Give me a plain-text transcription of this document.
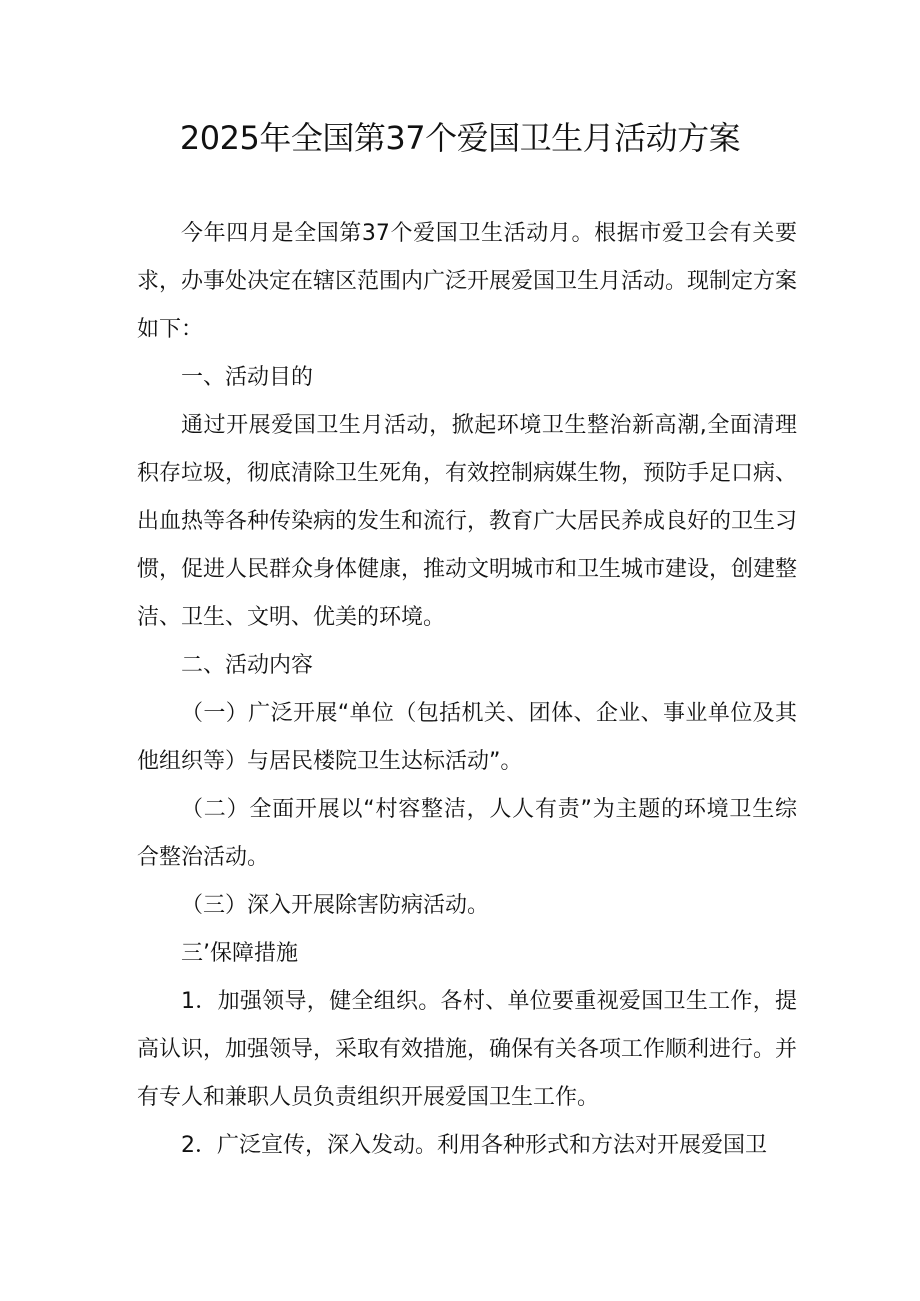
2025年全国第37个爱国卫生月活动方案

今年四月是全国第37个爱国卫生活动月。根据市爱卫会有关要求，办事处决定在辖区范围内广泛开展爱国卫生月活动。现制定方案如下：

一、活动目的

通过开展爱国卫生月活动，掀起环境卫生整治新高潮,全面清理积存垃圾，彻底清除卫生死角，有效控制病媒生物，预防手足口病、出血热等各种传染病的发生和流行，教育广大居民养成良好的卫生习惯，促进人民群众身体健康，推动文明城市和卫生城市建设，创建整洁、卫生、文明、优美的环境。

二、活动内容

（一）广泛开展“单位（包括机关、团体、企业、事业单位及其他组织等）与居民楼院卫生达标活动”。

（二）全面开展以“村容整洁，人人有责”为主题的环境卫生综合整治活动。

（三）深入开展除害防病活动。

三’保障措施

1．加强领导，健全组织。各村、单位要重视爱国卫生工作，提高认识，加强领导，采取有效措施，确保有关各项工作顺利进行。并有专人和兼职人员负责组织开展爱国卫生工作。

2．广泛宣传，深入发动。利用各种形式和方法对开展爱国卫
